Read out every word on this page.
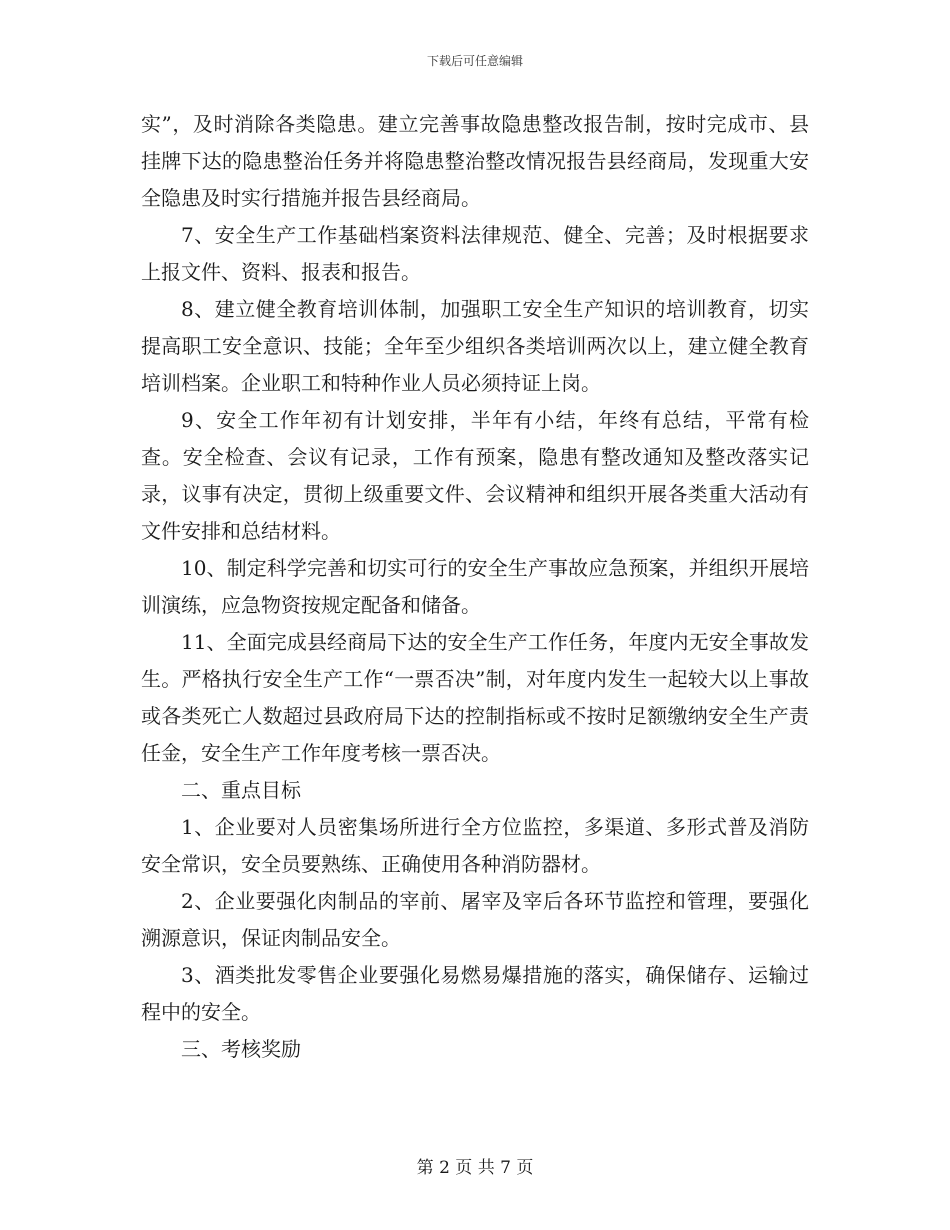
下载后可任意编辑

实”，及时消除各类隐患。建立完善事故隐患整改报告制，按时完成市、县挂牌下达的隐患整治任务并将隐患整治整改情况报告县经商局，发现重大安全隐患及时实行措施并报告县经商局。

7、安全生产工作基础档案资料法律规范、健全、完善；及时根据要求上报文件、资料、报表和报告。

8、建立健全教育培训体制，加强职工安全生产知识的培训教育，切实提高职工安全意识、技能；全年至少组织各类培训两次以上，建立健全教育培训档案。企业职工和特种作业人员必须持证上岗。

9、安全工作年初有计划安排，半年有小结，年终有总结，平常有检查。安全检查、会议有记录，工作有预案，隐患有整改通知及整改落实记录，议事有决定，贯彻上级重要文件、会议精神和组织开展各类重大活动有文件安排和总结材料。

10、制定科学完善和切实可行的安全生产事故应急预案，并组织开展培训演练，应急物资按规定配备和储备。

11、全面完成县经商局下达的安全生产工作任务，年度内无安全事故发生。严格执行安全生产工作“一票否决”制，对年度内发生一起较大以上事故或各类死亡人数超过县政府局下达的控制指标或不按时足额缴纳安全生产责任金，安全生产工作年度考核一票否决。

二、重点目标

1、企业要对人员密集场所进行全方位监控，多渠道、多形式普及消防安全常识，安全员要熟练、正确使用各种消防器材。

2、企业要强化肉制品的宰前、屠宰及宰后各环节监控和管理，要强化溯源意识，保证肉制品安全。

3、酒类批发零售企业要强化易燃易爆措施的落实，确保储存、运输过程中的安全。

三、考核奖励

第 2 页 共 7 页
